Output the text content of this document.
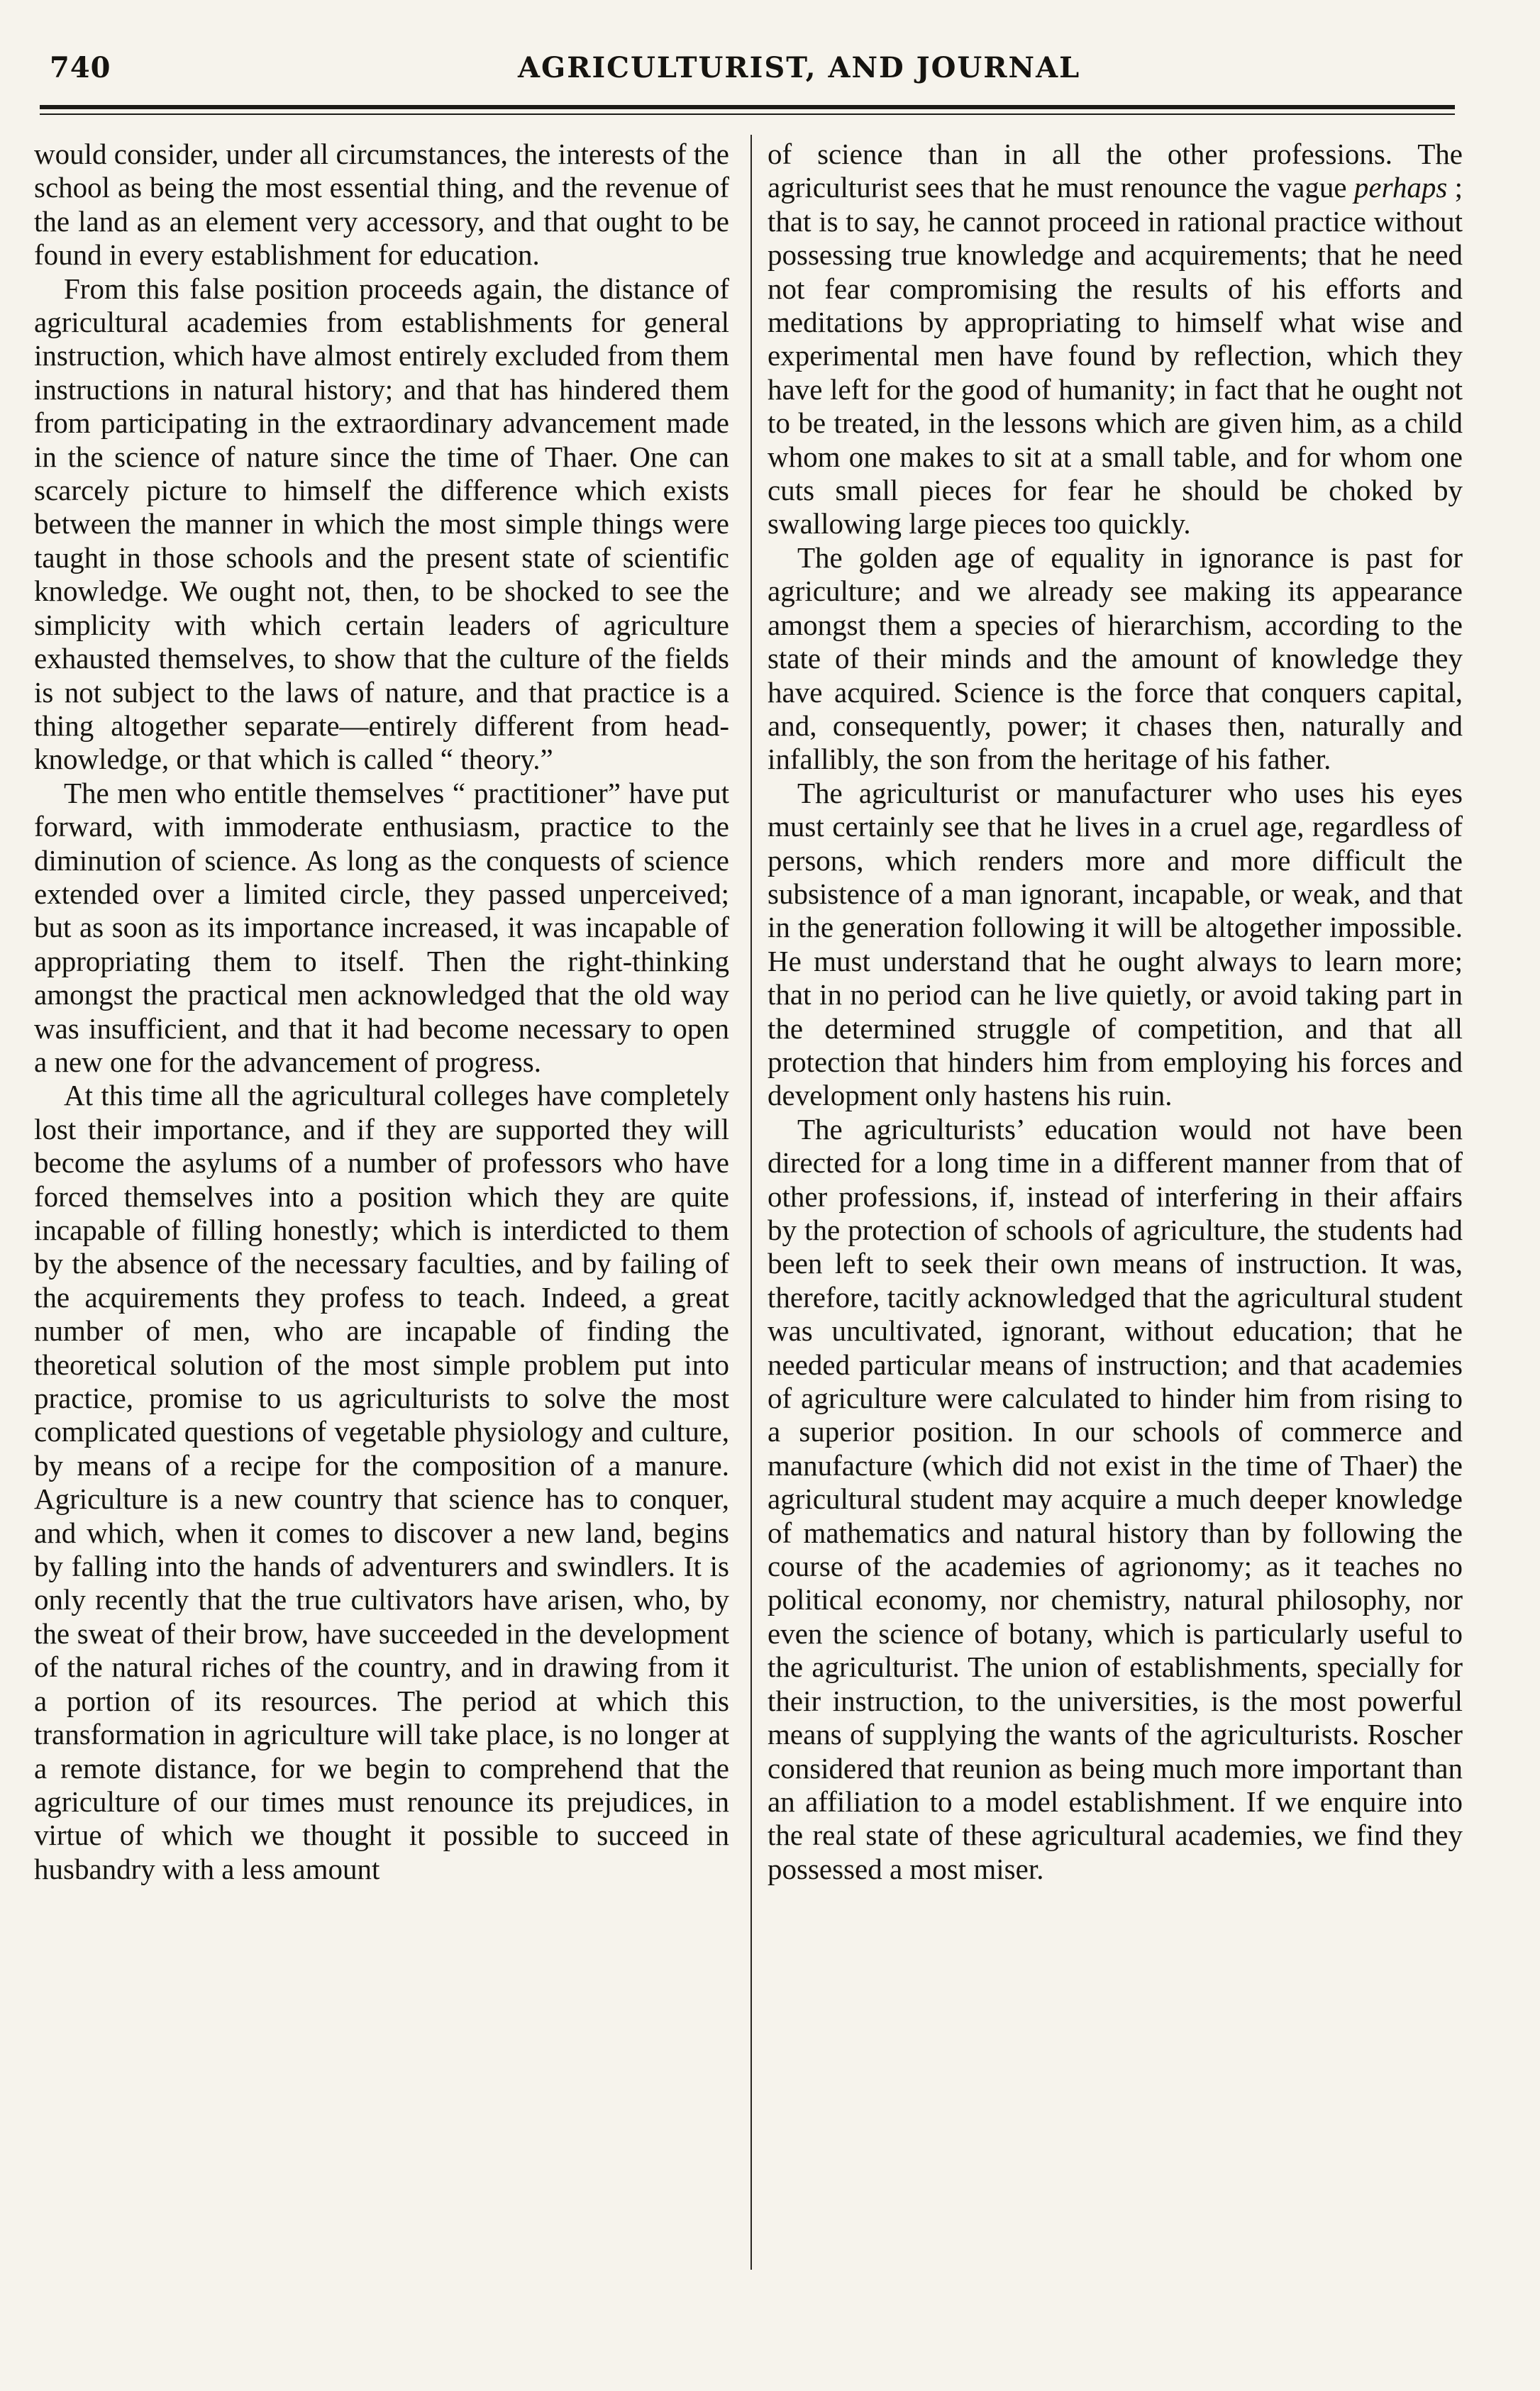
740	AGRICULTURIST, AND JOURNAL

would consider, under all circumstances, the interests of the school as being the most essential thing, and the revenue of the land as an element very accessory, and that ought to be found in every establishment for education.

From this false position proceeds again, the distance of agricultural academies from establishments for general instruction, which have almost entirely excluded from them instructions in natural history; and that has hindered them from participating in the extraordinary advancement made in the science of nature since the time of Thaer. One can scarcely picture to himself the difference which exists between the manner in which the most simple things were taught in those schools and the present state of scientific knowledge. We ought not, then, to be shocked to see the simplicity with which certain leaders of agriculture exhausted themselves, to show that the culture of the fields is not subject to the laws of nature, and that practice is a thing altogether separate—entirely different from head-knowledge, or that which is called “ theory.”

The men who entitle themselves “ practitioner” have put forward, with immoderate enthusiasm, practice to the diminution of science. As long as the conquests of science extended over a limited circle, they passed unperceived; but as soon as its importance increased, it was incapable of appropriating them to itself. Then the right-thinking amongst the practical men acknowledged that the old way was insufficient, and that it had become necessary to open a new one for the advancement of progress.

At this time all the agricultural colleges have completely lost their importance, and if they are supported they will become the asylums of a number of professors who have forced themselves into a position which they are quite incapable of filling honestly; which is interdicted to them by the absence of the necessary faculties, and by failing of the acquirements they profess to teach. Indeed, a great number of men, who are incapable of finding the theoretical solution of the most simple problem put into practice, promise to us agriculturists to solve the most complicated questions of vegetable physiology and culture, by means of a recipe for the composition of a manure. Agriculture is a new country that science has to conquer, and which, when it comes to discover a new land, begins by falling into the hands of adventurers and swindlers. It is only recently that the true cultivators have arisen, who, by the sweat of their brow, have succeeded in the development of the natural riches of the country, and in drawing from it a portion of its resources. The period at which this transformation in agriculture will take place, is no longer at a remote distance, for we begin to comprehend that the agriculture of our times must renounce its prejudices, in virtue of which we thought it possible to succeed in husbandry with a less amount

of science than in all the other professions. The agriculturist sees that he must renounce the vague perhaps ; that is to say, he cannot proceed in rational practice without possessing true knowledge and acquirements; that he need not fear compromising the results of his efforts and meditations by appropriating to himself what wise and experimental men have found by reflection, which they have left for the good of humanity; in fact that he ought not to be treated, in the lessons which are given him, as a child whom one makes to sit at a small table, and for whom one cuts small pieces for fear he should be choked by swallowing large pieces too quickly.

The golden age of equality in ignorance is past for agriculture; and we already see making its appearance amongst them a species of hierarchism, according to the state of their minds and the amount of knowledge they have acquired. Science is the force that conquers capital, and, consequently, power; it chases then, naturally and infallibly, the son from the heritage of his father.

The agriculturist or manufacturer who uses his eyes must certainly see that he lives in a cruel age, regardless of persons, which renders more and more difficult the subsistence of a man ignorant, incapable, or weak, and that in the generation following it will be altogether impossible. He must understand that he ought always to learn more; that in no period can he live quietly, or avoid taking part in the determined struggle of competition, and that all protection that hinders him from employing his forces and development only hastens his ruin.

The agriculturists’ education would not have been directed for a long time in a different manner from that of other professions, if, instead of interfering in their affairs by the protection of schools of agriculture, the students had been left to seek their own means of instruction. It was, therefore, tacitly acknowledged that the agricultural student was uncultivated, ignorant, without education; that he needed particular means of instruction; and that academies of agriculture were calculated to hinder him from rising to a superior position. In our schools of commerce and manufacture (which did not exist in the time of Thaer) the agricultural student may acquire a much deeper knowledge of mathematics and natural history than by following the course of the academies of agrionomy; as it teaches no political economy, nor chemistry, natural philosophy, nor even the science of botany, which is particularly useful to the agriculturist. The union of establishments, specially for their instruction, to the universities, is the most powerful means of supplying the wants of the agriculturists. Roscher considered that reunion as being much more important than an affiliation to a model establishment. If we enquire into the real state of these agricultural academies, we find they possessed a most miser.
